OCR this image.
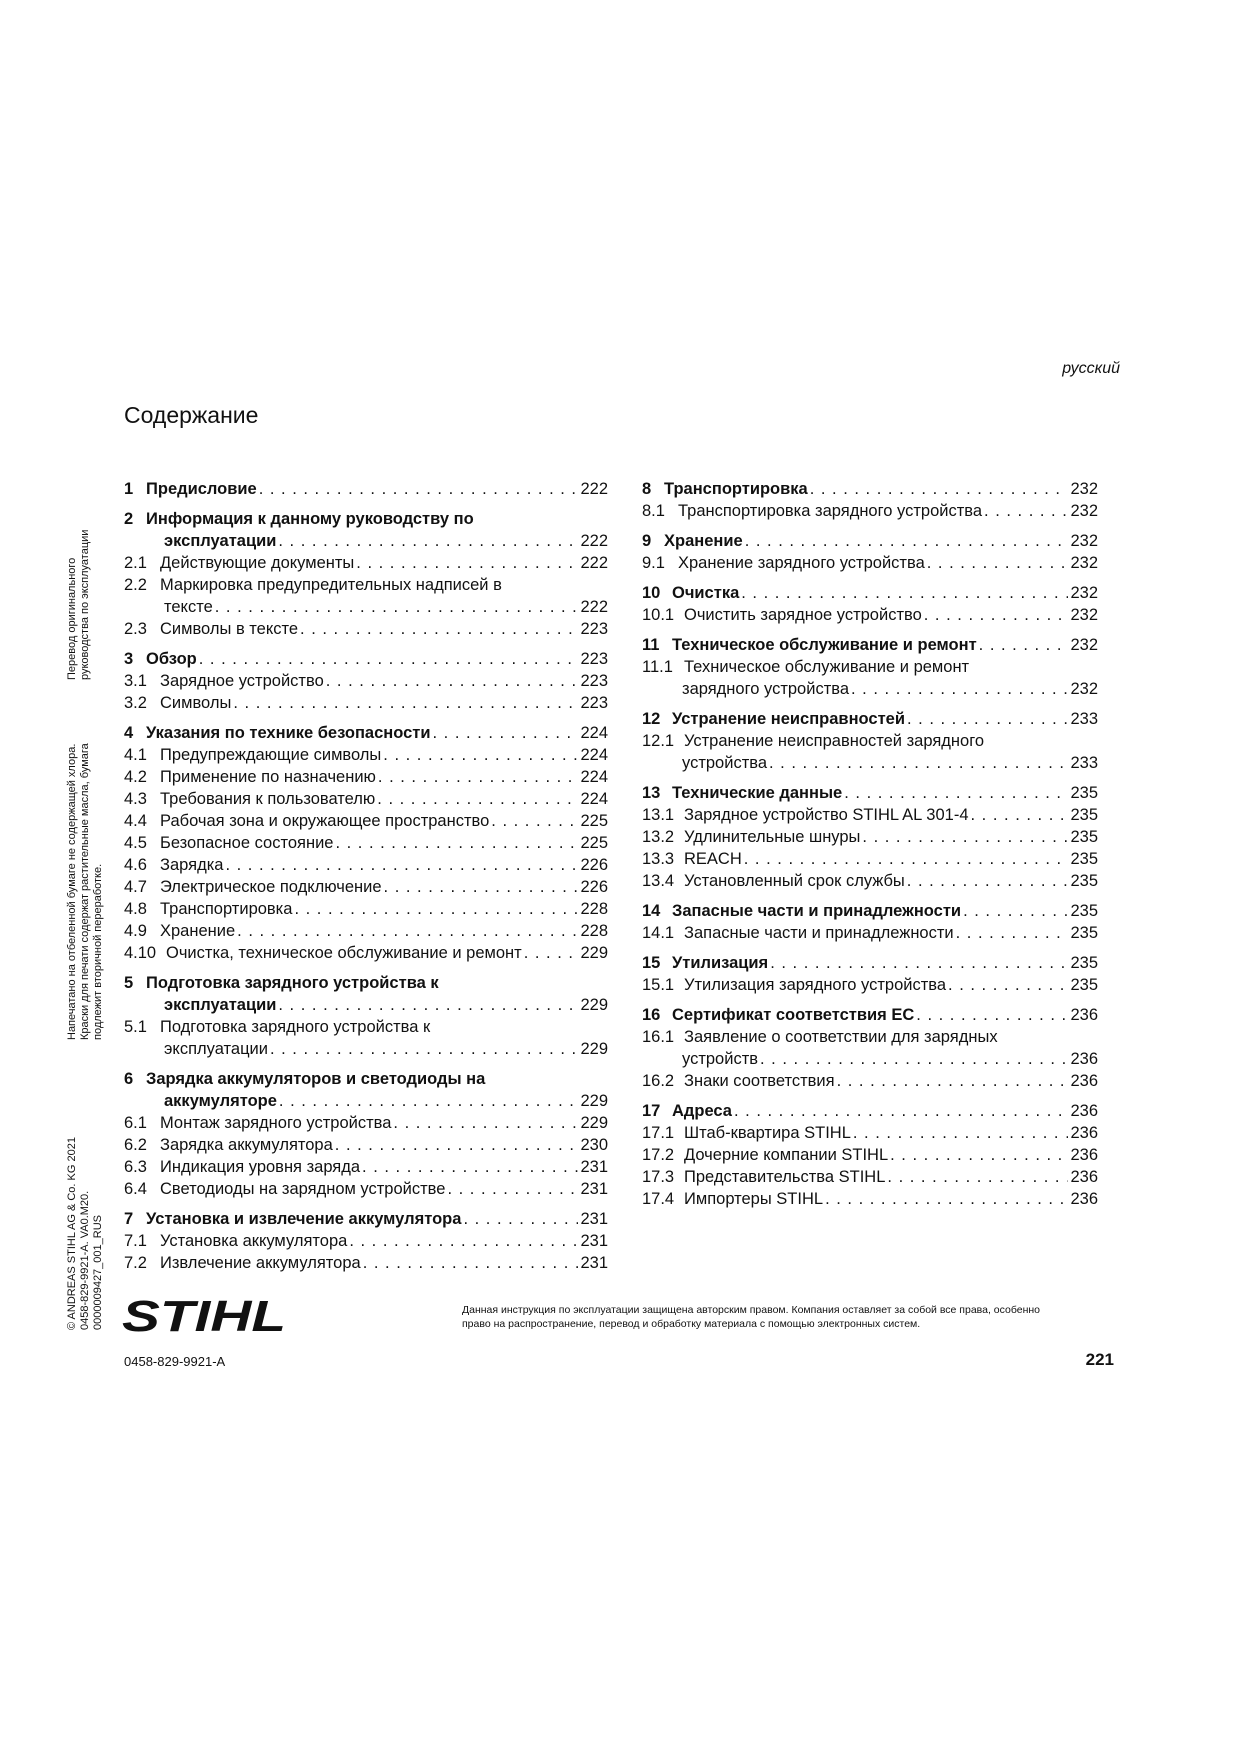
русский
Содержание
1 Предисловие . . .	222
2 Информация к данному руководству по
эксплуатации . . .	222
2.1 Действующие документы . . .	222
2.2 Маркировка предупредительных надписей в
тексте . . .	222
2.3 Символы в тексте . . .	223
3 Обзор . . .	223
3.1 Зарядное устройство . . .	223
3.2 Символы . . .	223
4 Указания по технике безопасности . . .	224
4.1 Предупреждающие символы . . .	224
4.2 Применение по назначению . . .	224
4.3 Требования к пользователю . . .	224
4.4 Рабочая зона и окружающее пространство . . .	225
4.5 Безопасное состояние . . .	225
4.6 Зарядка . . .	226
4.7 Электрическое подключение . . .	226
4.8 Транспортировка . . .	228
4.9 Хранение . . .	228
4.10 Очистка, техническое обслуживание и ремонт . . .	229
5 Подготовка зарядного устройства к
эксплуатации . . .	229
5.1 Подготовка зарядного устройства к
эксплуатации . . .	229
6 Зарядка аккумуляторов и светодиоды на
аккумуляторе . . .	229
6.1 Монтаж зарядного устройства . . .	229
6.2 Зарядка аккумулятора . . .	230
6.3 Индикация уровня заряда . . .	231
6.4 Светодиоды на зарядном устройстве . . .	231
7 Установка и извлечение аккумулятора . . .	231
7.1 Установка аккумулятора . . .	231
7.2 Извлечение аккумулятора . . .	231
8 Транспортировка . . .	232
8.1 Транспортировка зарядного устройства . . .	232
9 Хранение . . .	232
9.1 Хранение зарядного устройства . . .	232
10 Очистка . . .	232
10.1 Очистить зарядное устройство . . .	232
11 Техническое обслуживание и ремонт . . .	232
11.1 Техническое обслуживание и ремонт
зарядного устройства . . .	232
12 Устранение неисправностей . . .	233
12.1 Устранение неисправностей зарядного
устройства . . .	233
13 Технические данные . . .	235
13.1 Зарядное устройство STIHL AL 301-4 . . .	235
13.2 Удлинительные шнуры . . .	235
13.3 REACH . . .	235
13.4 Установленный срок службы . . .	235
14 Запасные части и принадлежности . . .	235
14.1 Запасные части и принадлежности . . .	235
15 Утилизация . . .	235
15.1 Утилизация зарядного устройства . . .	235
16 Сертификат соответствия ЕС . . .	236
16.1 Заявление о соответствии для зарядных
устройств . . .	236
16.2 Знаки соответствия . . .	236
17 Адреса . . .	236
17.1 Штаб-квартира STIHL . . .	236
17.2 Дочерние компании STIHL . . .	236
17.3 Представительства STIHL . . .	236
17.4 Импортеры STIHL . . .	236
Напечатано на отбеленной бумаге не содержащей хлора. Краски для печати содержат растительные масла, бумага подлежит вторичной переработке.
Перевод оригинального руководства по эксплуатации
© ANDREAS STIHL AG & Co. KG 2021 0458-829-9921-A. VA0.M20. 0000009427_001_RUS STIHL	Данная инструкция по эксплуатации защищена авторским правом. Компания оставляет за собой все права, особенно
право на распространение, перевод и обработку материала с помощью электронных систем.
0458-829-9921-A	221
